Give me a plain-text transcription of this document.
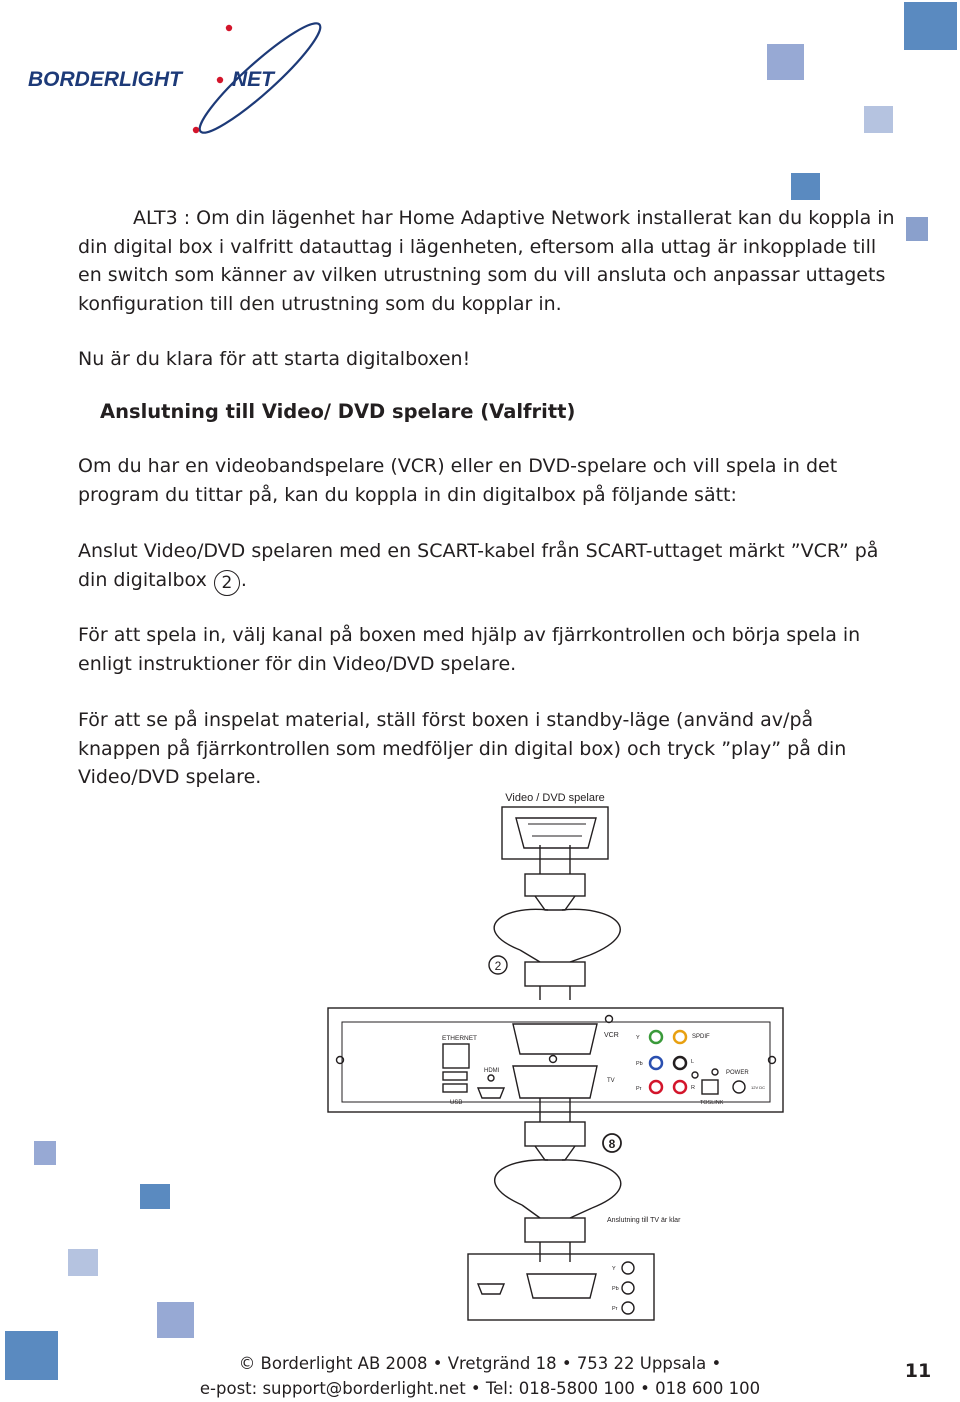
BORDERLIGHT NET

ALT3 : Om din lägenhet har Home Adaptive Network installerat kan du koppla in din digital box i valfritt datauttag i lägenheten, eftersom alla uttag är inkopplade till en switch som känner av vilken utrustning som du vill ansluta och anpassar uttagets konfiguration till den utrustning som du kopplar in.

Nu är du klara för att starta digitalboxen!

Anslutning till Video/ DVD spelare (Valfritt)

Om du har en videobandspelare (VCR) eller en DVD-spelare och vill spela in det program du tittar på, kan du koppla in din digitalbox på följande sätt:

Anslut Video/DVD spelaren med en SCART-kabel från SCART-uttaget märkt ”VCR” på din digitalbox 2 .

För att spela in, välj kanal på boxen med hjälp av fjärrkontrollen och börja spela in enligt instruktioner för din Video/DVD spelare.

För att se på inspelat material, ställ först boxen i standby-läge (använd av/på knappen på fjärrkontrollen som medföljer din digital box) och tryck ”play” på din Video/DVD spelare.

Video / DVD spelare
2
ETHERNET
USB
HDMI
VCR
TV
Y
Pb
Pr
SPDIF
L
R
TOSLINK
POWER
12V DC
8
Anslutning till TV är klar
Y
Pb
Pr
© Borderlight AB 2008 • Vretgränd 18 • 753 22 Uppsala •
e-post: support@borderlight.net • Tel: 018-5800 100 • 018 600 100
11
